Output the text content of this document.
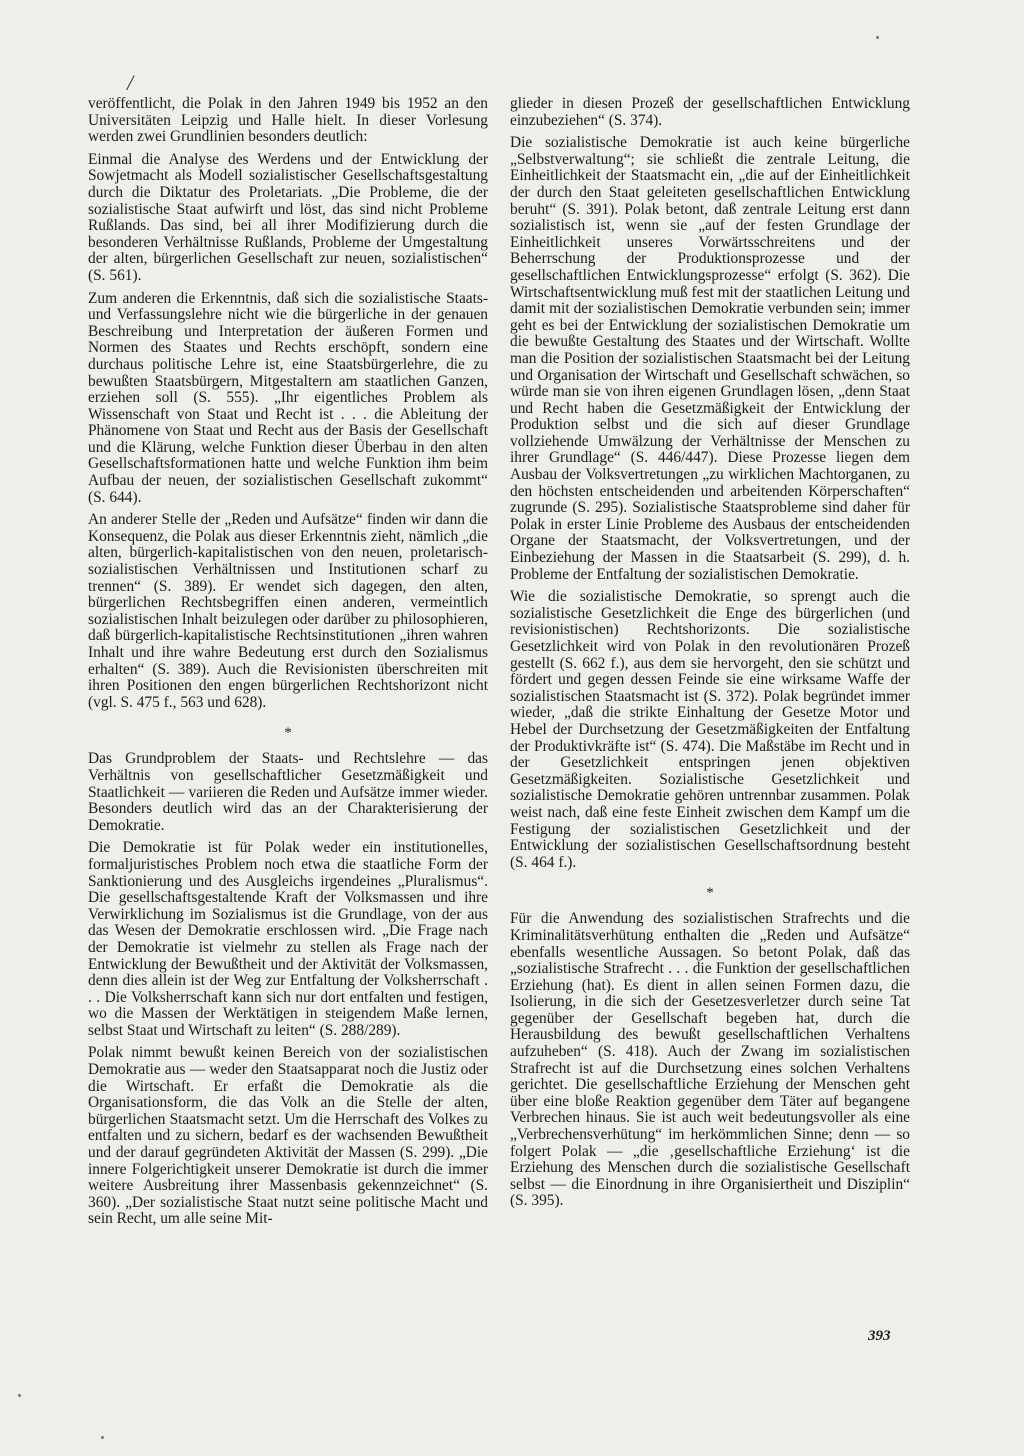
/

veröffentlicht, die Polak in den Jahren 1949 bis 1952 an den Universitäten Leipzig und Halle hielt. In dieser Vorlesung werden zwei Grundlinien besonders deutlich:

Einmal die Analyse des Werdens und der Entwicklung der Sowjetmacht als Modell sozialistischer Gesellschaftsgestaltung durch die Diktatur des Proletariats. „Die Probleme, die der sozialistische Staat aufwirft und löst, das sind nicht Probleme Rußlands. Das sind, bei all ihrer Modifizierung durch die besonderen Verhältnisse Rußlands, Probleme der Umgestaltung der alten, bürgerlichen Gesellschaft zur neuen, sozialistischen“ (S. 561).

Zum anderen die Erkenntnis, daß sich die sozialistische Staats- und Verfassungslehre nicht wie die bürgerliche in der genauen Beschreibung und Interpretation der äußeren Formen und Normen des Staates und Rechts erschöpft, sondern eine durchaus politische Lehre ist, eine Staatsbürgerlehre, die zu bewußten Staatsbürgern, Mitgestaltern am staatlichen Ganzen, erziehen soll (S. 555). „Ihr eigentliches Problem als Wissenschaft von Staat und Recht ist . . . die Ableitung der Phänomene von Staat und Recht aus der Basis der Gesellschaft und die Klärung, welche Funktion dieser Überbau in den alten Gesellschaftsformationen hatte und welche Funktion ihm beim Aufbau der neuen, der sozialistischen Gesellschaft zukommt“ (S. 644).

An anderer Stelle der „Reden und Aufsätze“ finden wir dann die Konsequenz, die Polak aus dieser Erkenntnis zieht, nämlich „die alten, bürgerlich-kapitalistischen von den neuen, proletarisch-sozialistischen Verhältnissen und Institutionen scharf zu trennen“ (S. 389). Er wendet sich dagegen, den alten, bürgerlichen Rechtsbegriffen einen anderen, vermeintlich sozialistischen Inhalt beizulegen oder darüber zu philosophieren, daß bürgerlich-kapitalistische Rechtsinstitutionen „ihren wahren Inhalt und ihre wahre Bedeutung erst durch den Sozialismus erhalten“ (S. 389). Auch die Revisionisten überschreiten mit ihren Positionen den engen bürgerlichen Rechtshorizont nicht (vgl. S. 475 f., 563 und 628).

*

Das Grundproblem der Staats- und Rechtslehre — das Verhältnis von gesellschaftlicher Gesetzmäßigkeit und Staatlichkeit — variieren die Reden und Aufsätze immer wieder. Besonders deutlich wird das an der Charakterisierung der Demokratie.

Die Demokratie ist für Polak weder ein institutionelles, formaljuristisches Problem noch etwa die staatliche Form der Sanktionierung und des Ausgleichs irgendeines „Pluralismus“. Die gesellschaftsgestaltende Kraft der Volksmassen und ihre Verwirklichung im Sozialismus ist die Grundlage, von der aus das Wesen der Demokratie erschlossen wird. „Die Frage nach der Demokratie ist vielmehr zu stellen als Frage nach der Entwicklung der Bewußtheit und der Aktivität der Volksmassen, denn dies allein ist der Weg zur Entfaltung der Volksherrschaft . . . Die Volksherrschaft kann sich nur dort entfalten und festigen, wo die Massen der Werktätigen in steigendem Maße lernen, selbst Staat und Wirtschaft zu leiten“ (S. 288/289).

Polak nimmt bewußt keinen Bereich von der sozialistischen Demokratie aus — weder den Staatsapparat noch die Justiz oder die Wirtschaft. Er erfaßt die Demokratie als die Organisationsform, die das Volk an die Stelle der alten, bürgerlichen Staatsmacht setzt. Um die Herrschaft des Volkes zu entfalten und zu sichern, bedarf es der wachsenden Bewußtheit und der darauf gegründeten Aktivität der Massen (S. 299). „Die innere Folgerichtigkeit unserer Demokratie ist durch die immer weitere Ausbreitung ihrer Massenbasis gekennzeichnet“ (S. 360). „Der sozialistische Staat nutzt seine politische Macht und sein Recht, um alle seine Mit-

glieder in diesen Prozeß der gesellschaftlichen Entwicklung einzubeziehen“ (S. 374).

Die sozialistische Demokratie ist auch keine bürgerliche „Selbstverwaltung“; sie schließt die zentrale Leitung, die Einheitlichkeit der Staatsmacht ein, „die auf der Einheitlichkeit der durch den Staat geleiteten gesellschaftlichen Entwicklung beruht“ (S. 391). Polak betont, daß zentrale Leitung erst dann sozialistisch ist, wenn sie „auf der festen Grundlage der Einheitlichkeit unseres Vorwärtsschreitens und der Beherrschung der Produktionsprozesse und der gesellschaftlichen Entwicklungsprozesse“ erfolgt (S. 362). Die Wirtschaftsentwicklung muß fest mit der staatlichen Leitung und damit mit der sozialistischen Demokratie verbunden sein; immer geht es bei der Entwicklung der sozialistischen Demokratie um die bewußte Gestaltung des Staates und der Wirtschaft. Wollte man die Position der sozialistischen Staatsmacht bei der Leitung und Organisation der Wirtschaft und Gesellschaft schwächen, so würde man sie von ihren eigenen Grundlagen lösen, „denn Staat und Recht haben die Gesetzmäßigkeit der Entwicklung der Produktion selbst und die sich auf dieser Grundlage vollziehende Umwälzung der Verhältnisse der Menschen zu ihrer Grundlage“ (S. 446/447). Diese Prozesse liegen dem Ausbau der Volksvertretungen „zu wirklichen Machtorganen, zu den höchsten entscheidenden und arbeitenden Körperschaften“ zugrunde (S. 295). Sozialistische Staatsprobleme sind daher für Polak in erster Linie Probleme des Ausbaus der entscheidenden Organe der Staatsmacht, der Volksvertretungen, und der Einbeziehung der Massen in die Staatsarbeit (S. 299), d. h. Probleme der Entfaltung der sozialistischen Demokratie.

Wie die sozialistische Demokratie, so sprengt auch die sozialistische Gesetzlichkeit die Enge des bürgerlichen (und revisionistischen) Rechtshorizonts. Die sozialistische Gesetzlichkeit wird von Polak in den revolutionären Prozeß gestellt (S. 662 f.), aus dem sie hervorgeht, den sie schützt und fördert und gegen dessen Feinde sie eine wirksame Waffe der sozialistischen Staatsmacht ist (S. 372). Polak begründet immer wieder, „daß die strikte Einhaltung der Gesetze Motor und Hebel der Durchsetzung der Gesetzmäßigkeiten der Entfaltung der Produktivkräfte ist“ (S. 474). Die Maßstäbe im Recht und in der Gesetzlichkeit entspringen jenen objektiven Gesetzmäßigkeiten. Sozialistische Gesetzlichkeit und sozialistische Demokratie gehören untrennbar zusammen. Polak weist nach, daß eine feste Einheit zwischen dem Kampf um die Festigung der sozialistischen Gesetzlichkeit und der Entwicklung der sozialistischen Gesellschaftsordnung besteht (S. 464 f.).

*

Für die Anwendung des sozialistischen Strafrechts und die Kriminalitätsverhütung enthalten die „Reden und Aufsätze“ ebenfalls wesentliche Aussagen. So betont Polak, daß das „sozialistische Strafrecht . . . die Funktion der gesellschaftlichen Erziehung (hat). Es dient in allen seinen Formen dazu, die Isolierung, in die sich der Gesetzesverletzer durch seine Tat gegenüber der Gesellschaft begeben hat, durch die Herausbildung des bewußt gesellschaftlichen Verhaltens aufzuheben“ (S. 418). Auch der Zwang im sozialistischen Strafrecht ist auf die Durchsetzung eines solchen Verhaltens gerichtet. Die gesellschaftliche Erziehung der Menschen geht über eine bloße Reaktion gegenüber dem Täter auf begangene Verbrechen hinaus. Sie ist auch weit bedeutungsvoller als eine „Verbrechensverhütung“ im herkömmlichen Sinne; denn — so folgert Polak — „die ‚gesellschaftliche Erziehung‘ ist die Erziehung des Menschen durch die sozialistische Gesellschaft selbst — die Einordnung in ihre Organisiertheit und Disziplin“ (S. 395).

393
